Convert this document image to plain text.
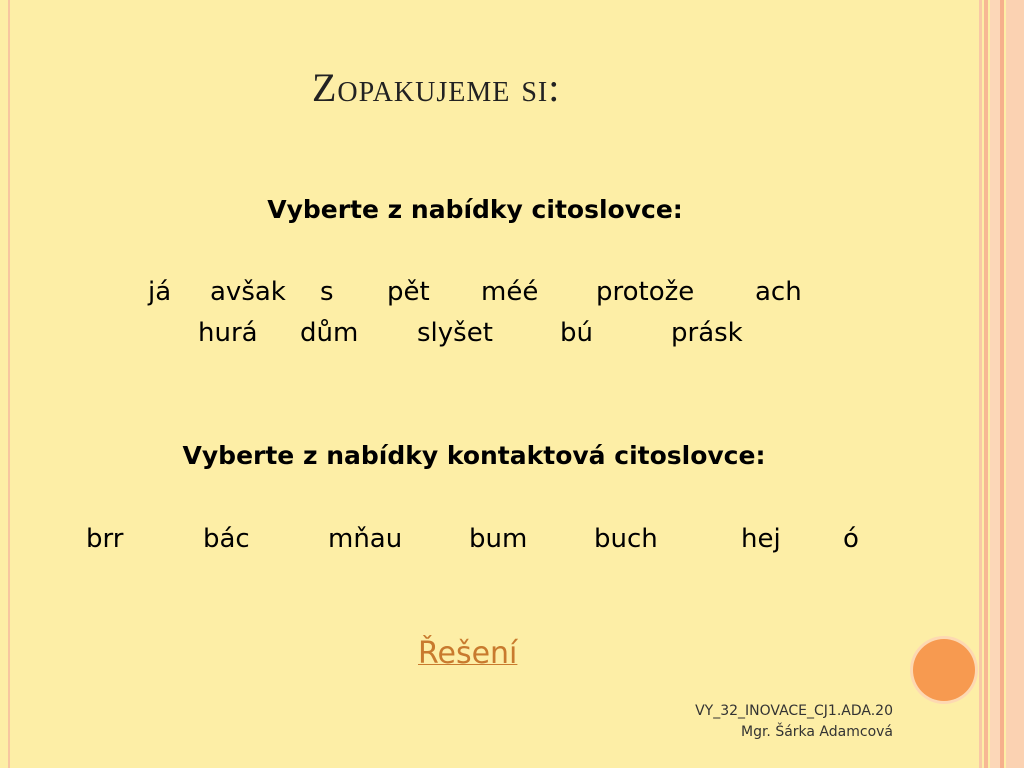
Zopakujeme si:
Vyberte z nabídky citoslovce:
já avšak s pět méé protože ach
hurá dům slyšet	bú	prásk
Vyberte z nabídky kontaktová citoslovce:
brr	bác	mňau	bum	buch	hej ó
Řešení
VY_32_INOVACE_CJ1.ADA.20
Mgr. Šárka Adamcová
